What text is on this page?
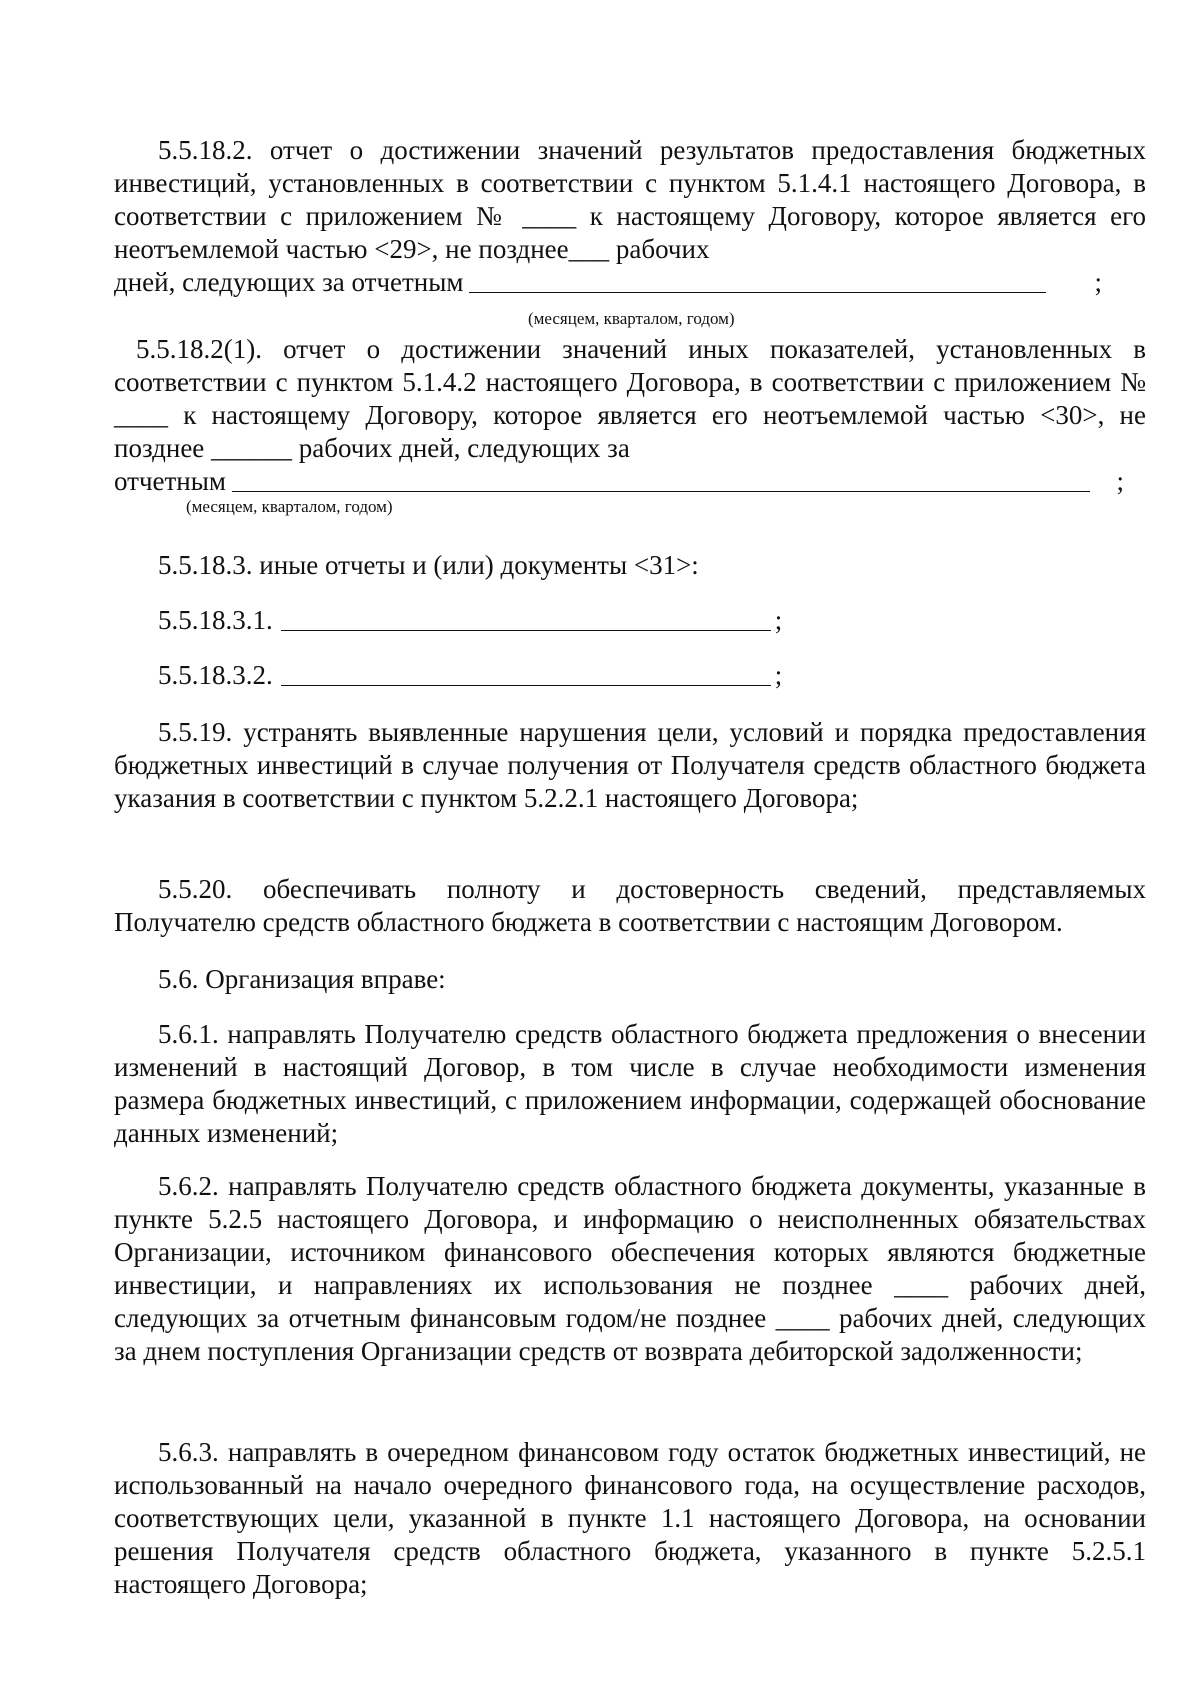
5.5.18.2. отчет о достижении значений результатов предоставления бюджетных инвестиций, установленных в соответствии с пунктом 5.1.4.1 настоящего Договора, в соответствии с приложением № ____ к настоящему Договору, которое является его неотъемлемой частью <29>, не позднее___ рабочих
дней, следующих за отчетным	;
(месяцем, кварталом, годом)
5.5.18.2(1). отчет о достижении значений иных показателей, установленных в соответствии с пунктом 5.1.4.2 настоящего Договора, в соответствии с приложением № ____ к настоящему Договору, которое является его неотъемлемой частью <30>, не позднее ______ рабочих дней, следующих за
отчетным	;
(месяцем, кварталом, годом)
5.5.18.3. иные отчеты и (или) документы <31>:
5.5.18.3.1.	;
5.5.18.3.2.	;
5.5.19. устранять выявленные нарушения цели, условий и порядка предоставления бюджетных инвестиций в случае получения от Получателя средств областного бюджета указания в соответствии с пунктом 5.2.2.1 настоящего Договора;
5.5.20. обеспечивать полноту и достоверность сведений, представляемых Получателю средств областного бюджета в соответствии с настоящим Договором.
5.6. Организация вправе:
5.6.1. направлять Получателю средств областного бюджета предложения о внесении изменений в настоящий Договор, в том числе в случае необходимости изменения размера бюджетных инвестиций, с приложением информации, содержащей обоснование данных изменений;
5.6.2. направлять Получателю средств областного бюджета документы, указанные в пункте 5.2.5 настоящего Договора, и информацию о неисполненных обязательствах Организации, источником финансового обеспечения которых являются бюджетные инвестиции, и направлениях их использования не позднее ____ рабочих дней, следующих за отчетным финансовым годом/не позднее ____ рабочих дней, следующих за днем поступления Организации средств от возврата дебиторской задолженности;
5.6.3. направлять в очередном финансовом году остаток бюджетных инвестиций, не использованный на начало очередного финансового года, на осуществление расходов, соответствующих цели, указанной в пункте 1.1 настоящего Договора, на основании решения Получателя средств областного бюджета, указанного в пункте 5.2.5.1 настоящего Договора;
